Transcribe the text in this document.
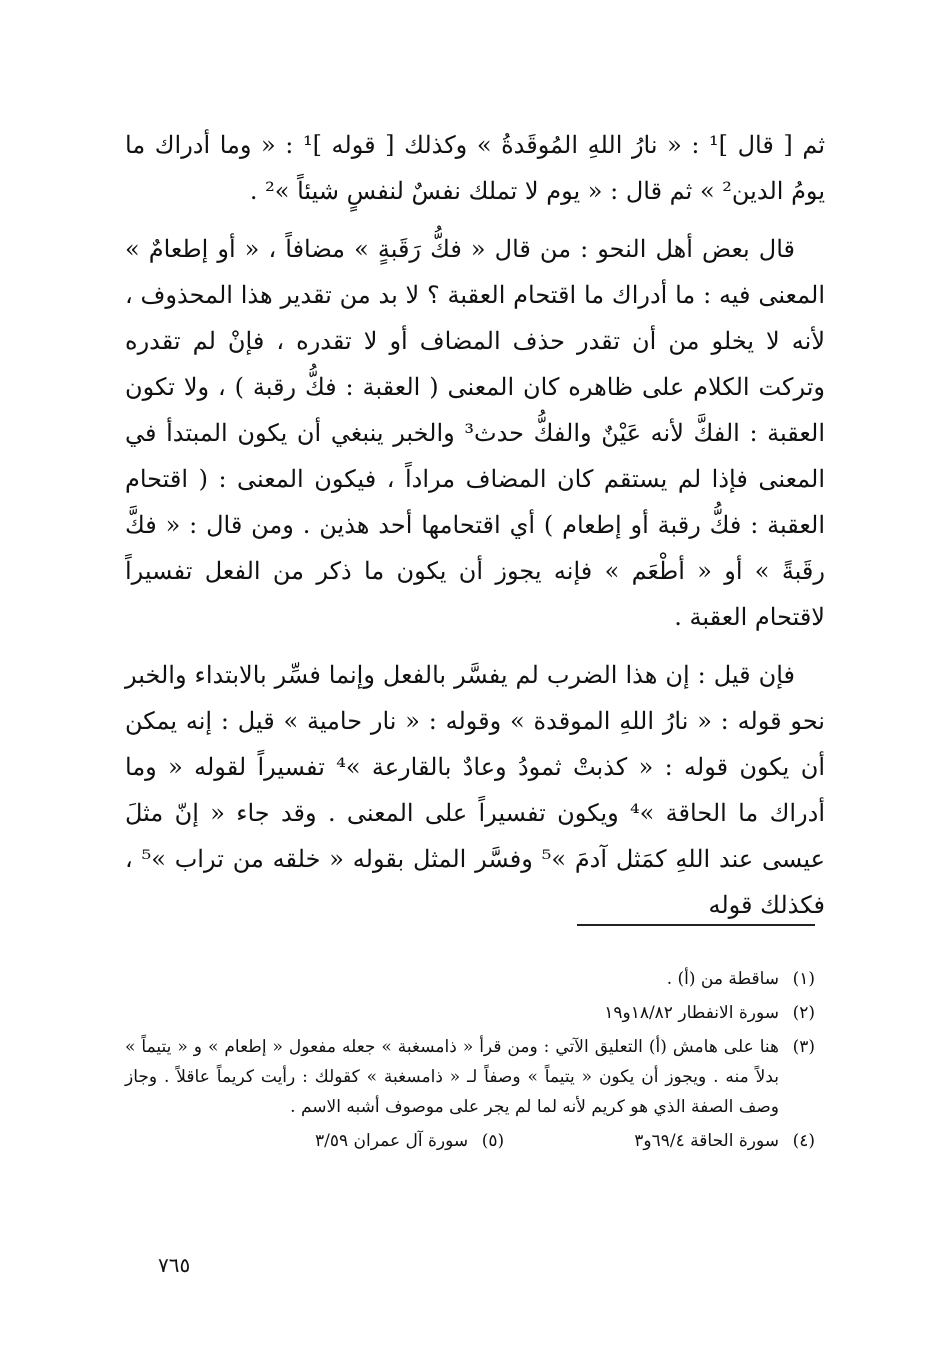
ثم [ قال ]¹ : « نارُ اللهِ المُوقَدةُ » وكذلك [ قوله ]¹ : « وما أدراك ما يومُ الدين² » ثم قال : « يوم لا تملك نفسٌ لنفسٍ شيئاً »² .

قال بعض أهل النحو : من قال « فكُّ رَقَبةٍ » مضافاً ، « أو إطعامٌ » المعنى فيه : ما أدراك ما اقتحام العقبة ؟ لا بد من تقدير هذا المحذوف ، لأنه لا يخلو من أن تقدر حذف المضاف أو لا تقدره ، فإنْ لم تقدره وتركت الكلام على ظاهره كان المعنى ( العقبة : فكُّ رقبة ) ، ولا تكون العقبة : الفكَّ لأنه عَيْنٌ والفكُّ حدث³ والخبر ينبغي أن يكون المبتدأ في المعنى فإذا لم يستقم كان المضاف مراداً ، فيكون المعنى : ( اقتحام العقبة : فكُّ رقبة أو إطعام ) أي اقتحامها أحد هذين . ومن قال : « فكَّ رقَبةً » أو « أطْعَم » فإنه يجوز أن يكون ما ذكر من الفعل تفسيراً لاقتحام العقبة .

فإن قيل : إن هذا الضرب لم يفسَّر بالفعل وإنما فسِّر بالابتداء والخبر نحو قوله : « نارُ اللهِ الموقدة » وقوله : « نار حامية » قيل : إنه يمكن أن يكون قوله : « كذبتْ ثمودُ وعادٌ بالقارعة »⁴ تفسيراً لقوله « وما أدراك ما الحاقة »⁴ ويكون تفسيراً على المعنى . وقد جاء « إنّ مثلَ عيسى عند اللهِ كمَثل آدمَ »⁵ وفسَّر المثل بقوله « خلقه من تراب »⁵ ، فكذلك قوله

(١)
ساقطة من (أ) .
(٢)
سورة الانفطار ١٨/٨٢و١٩
(٣)
هنا على هامش (أ) التعليق الآتي : ومن قرأ « ذامسغبة » جعله مفعول « إطعام » و « يتيماً » بدلاً منه . ويجوز أن يكون « يتيماً » وصفاً لـ « ذامسغبة » كقولك : رأيت كريماً عاقلاً . وجاز وصف الصفة الذي هو كريم لأنه لما لم يجر على موصوف أشبه الاسم .
(٤)
سورة الحاقة ٦٩/٤و٣
(٥)
سورة آل عمران ٣/٥٩
٧٦٥
